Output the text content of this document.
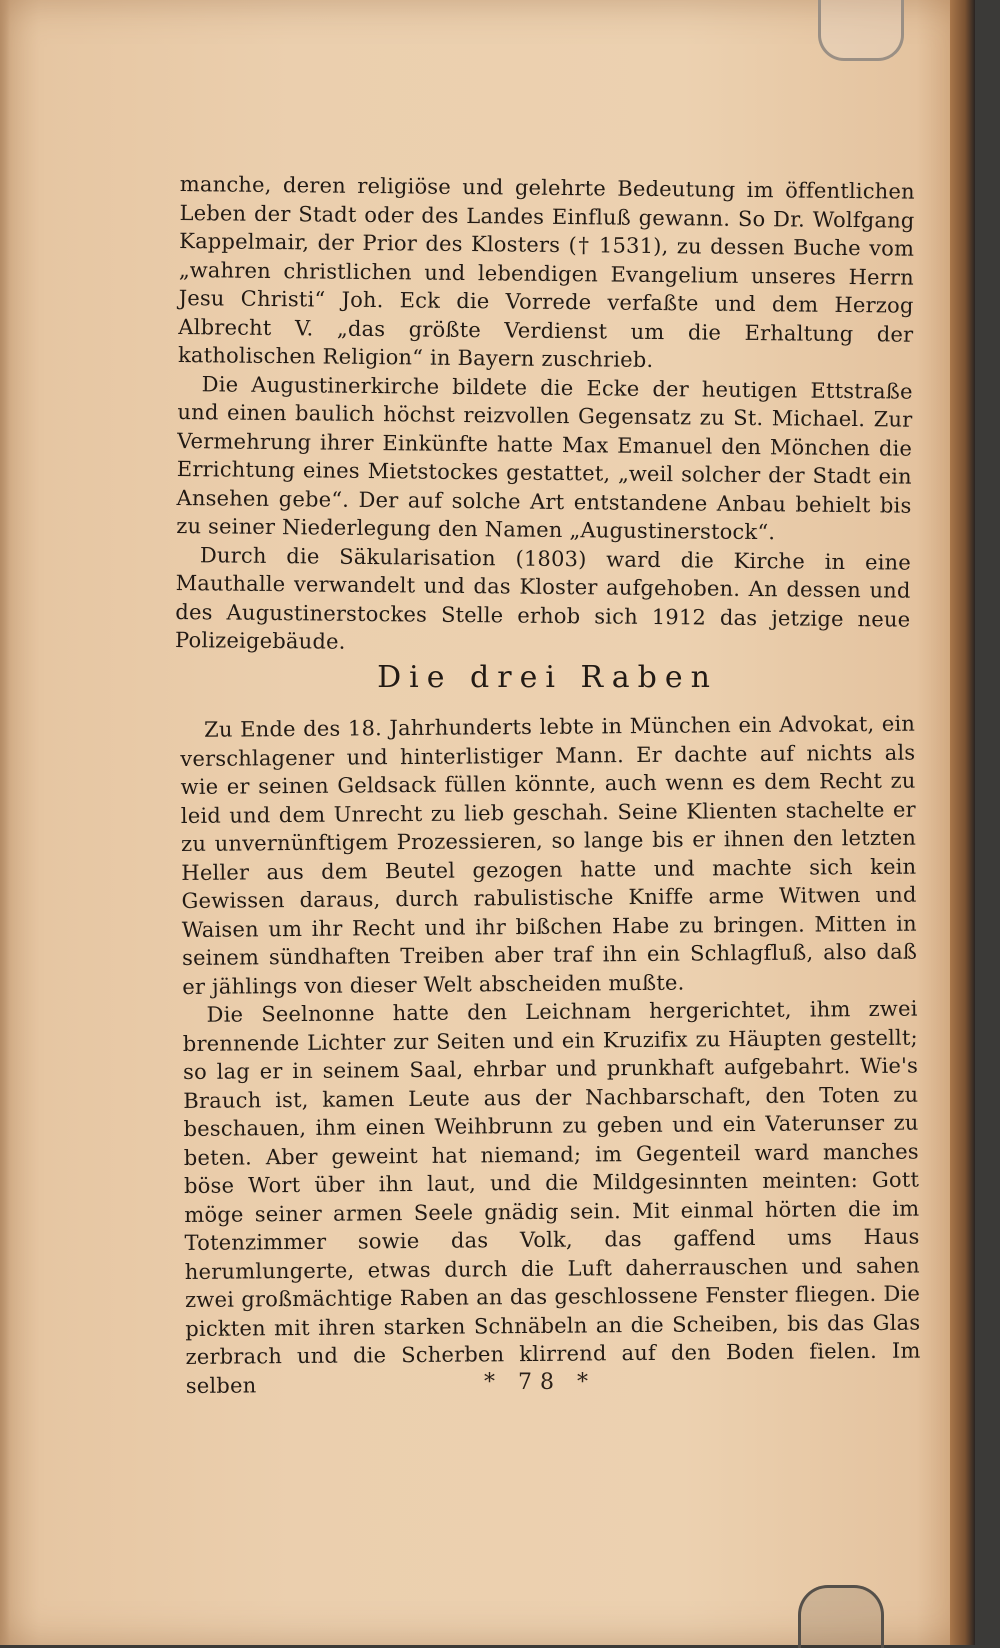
manche, deren religiöse und gelehrte Bedeutung im öffentlichen Leben der Stadt oder des Landes Einfluß gewann. So Dr. Wolfgang Kappelmair, der Prior des Klosters († 1531), zu dessen Buche vom „wahren christlichen und lebendigen Evangelium unseres Herrn Jesu Christi“ Joh. Eck die Vorrede verfaßte und dem Herzog Albrecht V. „das größte Verdienst um die Erhaltung der katholischen Religion“ in Bayern zuschrieb.

Die Augustinerkirche bildete die Ecke der heutigen Ettstraße und einen baulich höchst reizvollen Gegensatz zu St. Michael. Zur Vermehrung ihrer Einkünfte hatte Max Emanuel den Mönchen die Errichtung eines Mietstockes gestattet, „weil solcher der Stadt ein Ansehen gebe“. Der auf solche Art entstandene Anbau behielt bis zu seiner Niederlegung den Namen „Augustinerstock“.

Durch die Säkularisation (1803) ward die Kirche in eine Mauthalle verwandelt und das Kloster aufgehoben. An dessen und des Augustinerstockes Stelle erhob sich 1912 das jetzige neue Polizeigebäude.

Die drei Raben

Zu Ende des 18. Jahrhunderts lebte in München ein Advokat, ein verschlagener und hinterlistiger Mann. Er dachte auf nichts als wie er seinen Geldsack füllen könnte, auch wenn es dem Recht zu leid und dem Unrecht zu lieb geschah. Seine Klienten stachelte er zu unvernünftigem Prozessieren, so lange bis er ihnen den letzten Heller aus dem Beutel gezogen hatte und machte sich kein Gewissen daraus, durch rabulistische Kniffe arme Witwen und Waisen um ihr Recht und ihr bißchen Habe zu bringen. Mitten in seinem sündhaften Treiben aber traf ihn ein Schlagfluß, also daß er jählings von dieser Welt abscheiden mußte.

Die Seelnonne hatte den Leichnam hergerichtet, ihm zwei brennende Lichter zur Seiten und ein Kruzifix zu Häupten gestellt; so lag er in seinem Saal, ehrbar und prunkhaft aufgebahrt. Wie's Brauch ist, kamen Leute aus der Nachbarschaft, den Toten zu beschauen, ihm einen Weihbrunn zu geben und ein Vaterunser zu beten. Aber geweint hat niemand; im Gegenteil ward manches böse Wort über ihn laut, und die Mildgesinnten meinten: Gott möge seiner armen Seele gnädig sein. Mit einmal hörten die im Totenzimmer sowie das Volk, das gaffend ums Haus herumlungerte, etwas durch die Luft daherrauschen und sahen zwei großmächtige Raben an das geschlossene Fenster fliegen. Die pickten mit ihren starken Schnäbeln an die Scheiben, bis das Glas zerbrach und die Scherben klirrend auf den Boden fielen. Im selben	* 78 *
